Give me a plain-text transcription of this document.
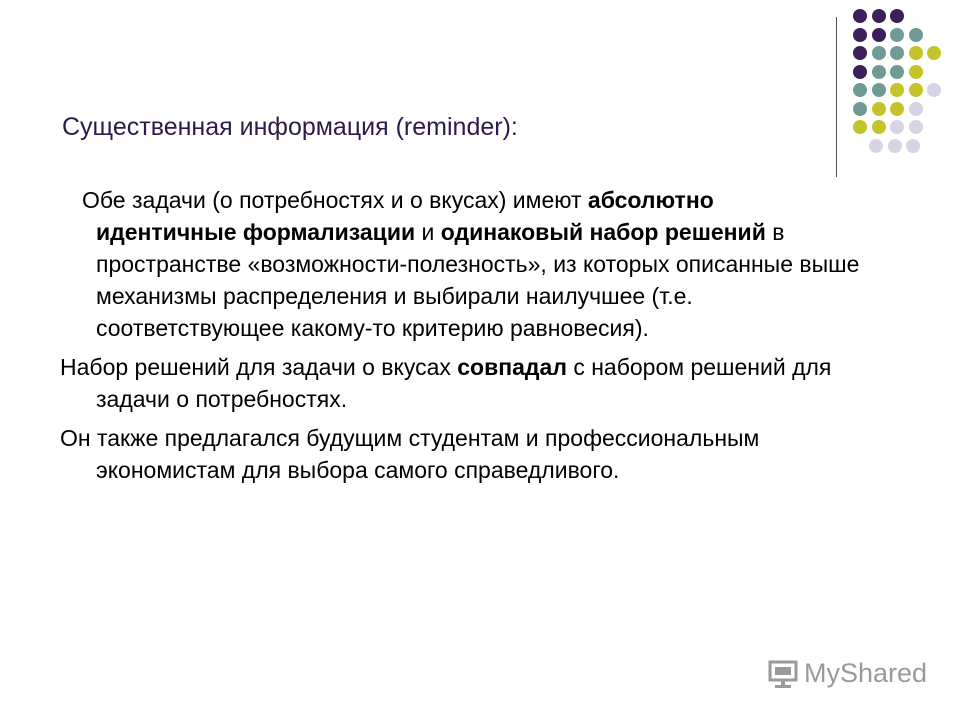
Существенная информация (reminder):

Обе задачи (о потребностях и о вкусах) имеют абсолютно идентичные формализации и одинаковый набор решений в пространстве «возможности-полезность», из которых описанные выше механизмы распределения и выбирали наилучшее (т.е. соответствующее какому-то критерию равновесия).

Набор решений для задачи о вкусах совпадал с набором решений для задачи о потребностях.

Он также предлагался будущим студентам и профессиональным экономистам для выбора самого справедливого.

MyShared
